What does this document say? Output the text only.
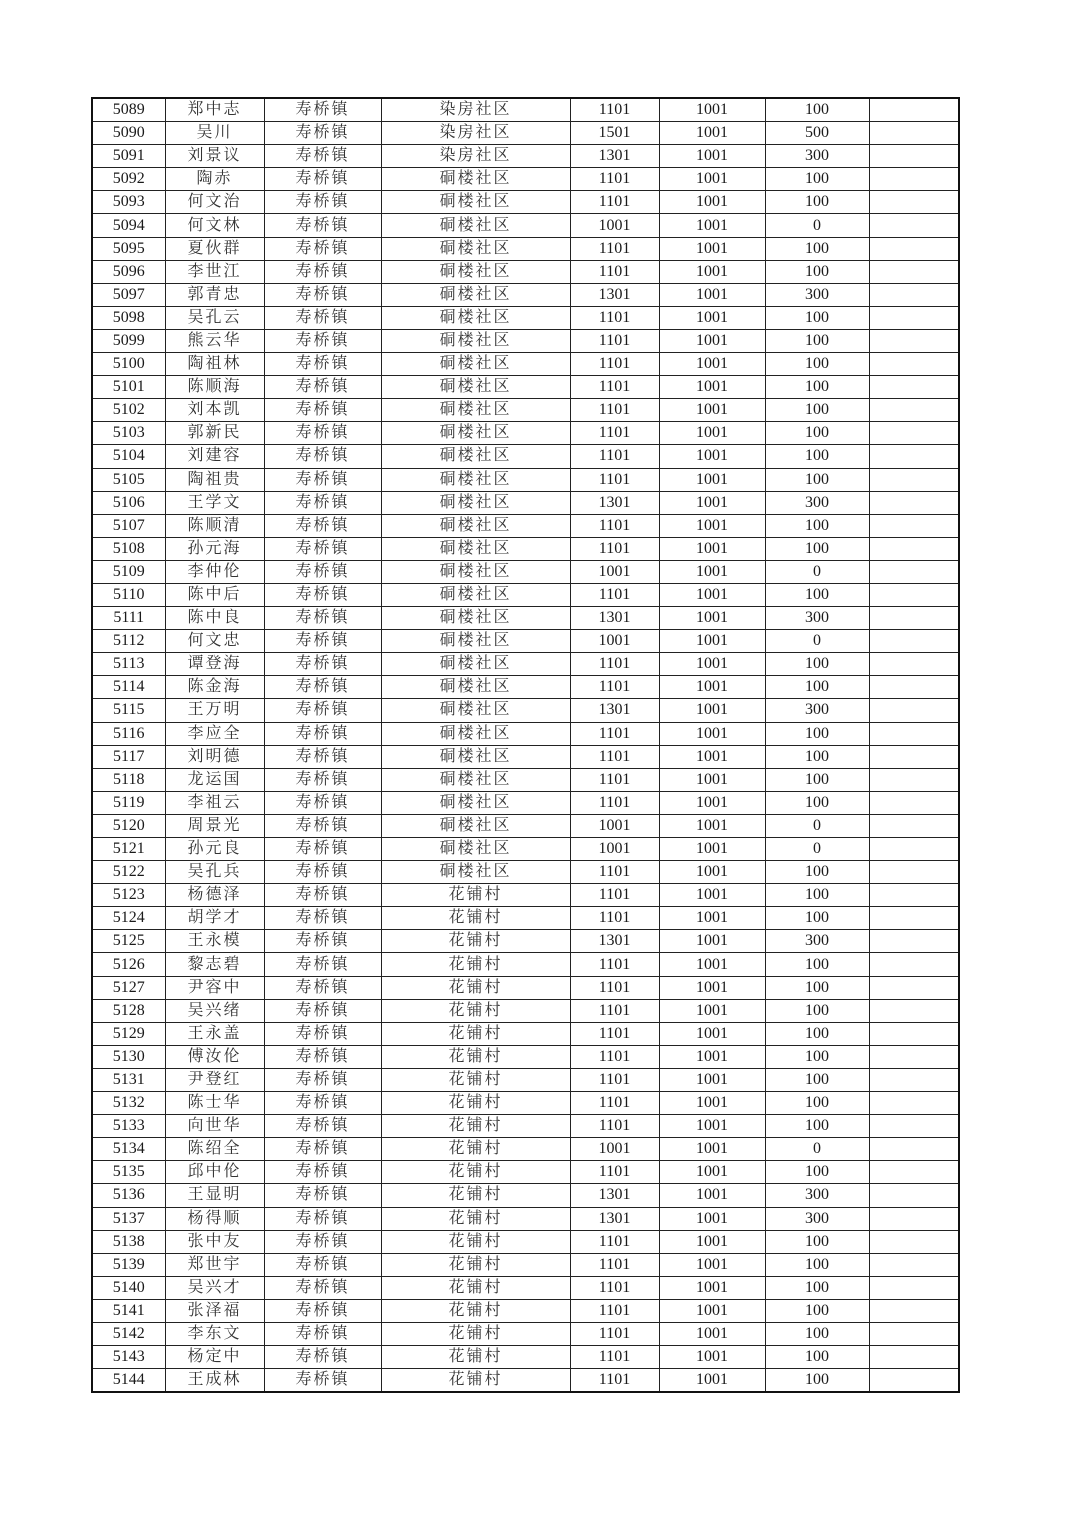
5089	郑中志	寿桥镇	染房社区	1101	1001	100	
5090	吴川	寿桥镇	染房社区	1501	1001	500	
5091	刘景议	寿桥镇	染房社区	1301	1001	300	
5092	陶赤	寿桥镇	硐楼社区	1101	1001	100	
5093	何文治	寿桥镇	硐楼社区	1101	1001	100	
5094	何文林	寿桥镇	硐楼社区	1001	1001	0	
5095	夏伙群	寿桥镇	硐楼社区	1101	1001	100	
5096	李世江	寿桥镇	硐楼社区	1101	1001	100	
5097	郭青忠	寿桥镇	硐楼社区	1301	1001	300	
5098	吴孔云	寿桥镇	硐楼社区	1101	1001	100	
5099	熊云华	寿桥镇	硐楼社区	1101	1001	100	
5100	陶祖林	寿桥镇	硐楼社区	1101	1001	100	
5101	陈顺海	寿桥镇	硐楼社区	1101	1001	100	
5102	刘本凯	寿桥镇	硐楼社区	1101	1001	100	
5103	郭新民	寿桥镇	硐楼社区	1101	1001	100	
5104	刘建容	寿桥镇	硐楼社区	1101	1001	100	
5105	陶祖贵	寿桥镇	硐楼社区	1101	1001	100	
5106	王学文	寿桥镇	硐楼社区	1301	1001	300	
5107	陈顺清	寿桥镇	硐楼社区	1101	1001	100	
5108	孙元海	寿桥镇	硐楼社区	1101	1001	100	
5109	李仲伦	寿桥镇	硐楼社区	1001	1001	0	
5110	陈中后	寿桥镇	硐楼社区	1101	1001	100	
5111	陈中良	寿桥镇	硐楼社区	1301	1001	300	
5112	何文忠	寿桥镇	硐楼社区	1001	1001	0	
5113	谭登海	寿桥镇	硐楼社区	1101	1001	100	
5114	陈金海	寿桥镇	硐楼社区	1101	1001	100	
5115	王万明	寿桥镇	硐楼社区	1301	1001	300	
5116	李应全	寿桥镇	硐楼社区	1101	1001	100	
5117	刘明德	寿桥镇	硐楼社区	1101	1001	100	
5118	龙运国	寿桥镇	硐楼社区	1101	1001	100	
5119	李祖云	寿桥镇	硐楼社区	1101	1001	100	
5120	周景光	寿桥镇	硐楼社区	1001	1001	0	
5121	孙元良	寿桥镇	硐楼社区	1001	1001	0	
5122	吴孔兵	寿桥镇	硐楼社区	1101	1001	100	
5123	杨德泽	寿桥镇	花铺村	1101	1001	100	
5124	胡学才	寿桥镇	花铺村	1101	1001	100	
5125	王永模	寿桥镇	花铺村	1301	1001	300	
5126	黎志碧	寿桥镇	花铺村	1101	1001	100	
5127	尹容中	寿桥镇	花铺村	1101	1001	100	
5128	吴兴绪	寿桥镇	花铺村	1101	1001	100	
5129	王永盖	寿桥镇	花铺村	1101	1001	100	
5130	傅汝伦	寿桥镇	花铺村	1101	1001	100	
5131	尹登红	寿桥镇	花铺村	1101	1001	100	
5132	陈士华	寿桥镇	花铺村	1101	1001	100	
5133	向世华	寿桥镇	花铺村	1101	1001	100	
5134	陈绍全	寿桥镇	花铺村	1001	1001	0	
5135	邱中伦	寿桥镇	花铺村	1101	1001	100	
5136	王显明	寿桥镇	花铺村	1301	1001	300	
5137	杨得顺	寿桥镇	花铺村	1301	1001	300	
5138	张中友	寿桥镇	花铺村	1101	1001	100	
5139	郑世宇	寿桥镇	花铺村	1101	1001	100	
5140	吴兴才	寿桥镇	花铺村	1101	1001	100	
5141	张泽福	寿桥镇	花铺村	1101	1001	100	
5142	李东文	寿桥镇	花铺村	1101	1001	100	
5143	杨定中	寿桥镇	花铺村	1101	1001	100	
5144	王成林	寿桥镇	花铺村	1101	1001	100	
